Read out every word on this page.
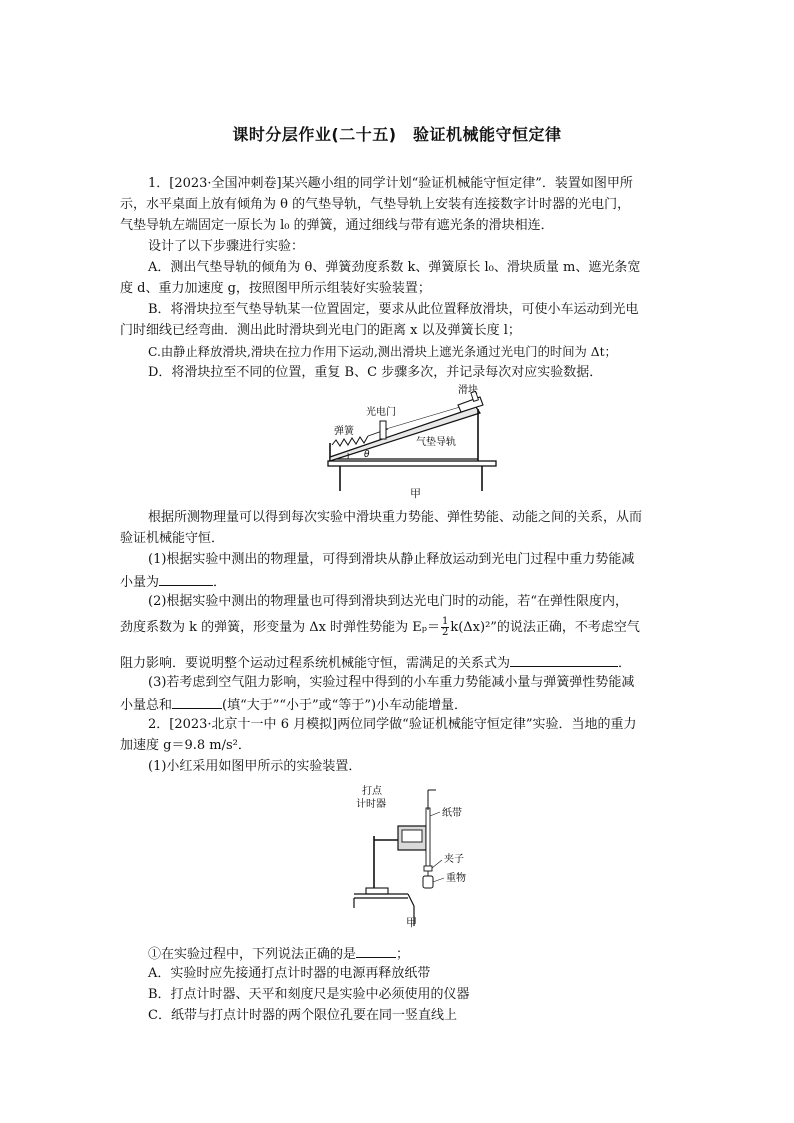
课时分层作业(二十五)　验证机械能守恒定律
1．[2023·全国冲刺卷]某兴趣小组的同学计划“验证机械能守恒定律”．装置如图甲所
示，水平桌面上放有倾角为 θ 的气垫导轨，气垫导轨上安装有连接数字计时器的光电门，
气垫导轨左端固定一原长为 l₀ 的弹簧，通过细线与带有遮光条的滑块相连．
设计了以下步骤进行实验：
A．测出气垫导轨的倾角为 θ、弹簧劲度系数 k、弹簧原长 l₀、滑块质量 m、遮光条宽
度 d、重力加速度 g，按照图甲所示组装好实验装置；
B．将滑块拉至气垫导轨某一位置固定，要求从此位置释放滑块，可使小车运动到光电
门时细线已经弯曲．测出此时滑块到光电门的距离 x 以及弹簧长度 l；
C.由静止释放滑块,滑块在拉力作用下运动,测出滑块上遮光条通过光电门的时间为 Δt；
D．将滑块拉至不同的位置，重复 B、C 步骤多次，并记录每次对应实验数据．
滑块
光电门
弹簧
气垫导轨
θ
甲
根据所测物理量可以得到每次实验中滑块重力势能、弹性势能、动能之间的关系，从而
验证机械能守恒．
(1)根据实验中测出的物理量，可得到滑块从静止释放运动到光电门过程中重力势能减
小量为	．
(2)根据实验中测出的物理量也可得到滑块到达光电门时的动能，若“在弹性限度内，
劲度系数为 k 的弹簧，形变量为 Δx 时弹性势能为 $E_p= \frac{1}{2} k(\Delta x)^2$”的说法正确，不考虑空气
阻力影响．要说明整个运动过程系统机械能守恒，需满足的关系式为	．
(3)若考虑到空气阻力影响，实验过程中得到的小车重力势能减小量与弹簧弹性势能减
小量总和	(填“大于”“小于”或“等于”)小车动能增量．
2．[2023·北京十一中 6 月模拟]两位同学做“验证机械能守恒定律”实验．当地的重力
加速度 g＝9.8 m/s²．
(1)小红采用如图甲所示的实验装置．
打点
计时器
纸带
夹子
重物
甲
①在实验过程中，下列说法正确的是	；
A．实验时应先接通打点计时器的电源再释放纸带
B．打点计时器、天平和刻度尺是实验中必须使用的仪器
C．纸带与打点计时器的两个限位孔要在同一竖直线上
